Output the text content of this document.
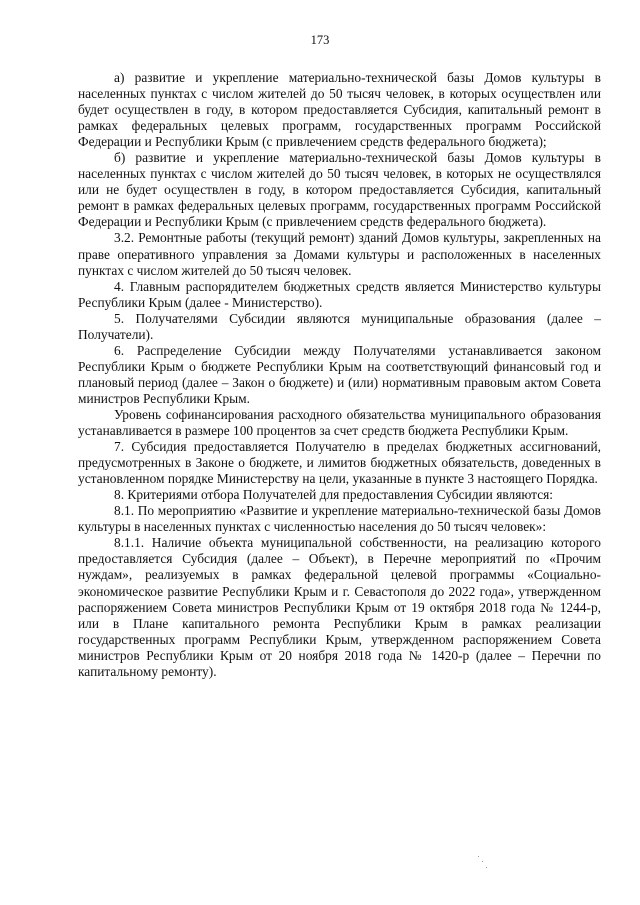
173

а) развитие и укрепление материально-технической базы Домов культуры в населенных пунктах с числом жителей до 50 тысяч человек, в которых осуществлен или будет осуществлен в году, в котором предоставляется Субсидия, капитальный ремонт в рамках федеральных целевых программ, государственных программ Российской Федерации и Республики Крым (с привлечением средств федерального бюджета);

б) развитие и укрепление материально-технической базы Домов культуры в населенных пунктах с числом жителей до 50 тысяч человек, в которых не осуществлялся или не будет осуществлен в году, в котором предоставляется Субсидия, капитальный ремонт в рамках федеральных целевых программ, государственных программ Российской Федерации и Республики Крым (с привлечением средств федерального бюджета).

3.2. Ремонтные работы (текущий ремонт) зданий Домов культуры, закрепленных на праве оперативного управления за Домами культуры и расположенных в населенных пунктах с числом жителей до 50 тысяч человек.

4. Главным распорядителем бюджетных средств является Министерство культуры Республики Крым (далее - Министерство).

5. Получателями Субсидии являются муниципальные образования (далее – Получатели).

6. Распределение Субсидии между Получателями устанавливается законом Республики Крым о бюджете Республики Крым на соответствующий финансовый год и плановый период (далее – Закон о бюджете) и (или) нормативным правовым актом Совета министров Республики Крым.

Уровень софинансирования расходного обязательства муниципального образования устанавливается в размере 100 процентов за счет средств бюджета Республики Крым.

7. Субсидия предоставляется Получателю в пределах бюджетных ассигнований, предусмотренных в Законе о бюджете, и лимитов бюджетных обязательств, доведенных в установленном порядке Министерству на цели, указанные в пункте 3 настоящего Порядка.

8. Критериями отбора Получателей для предоставления Субсидии являются:

8.1. По мероприятию «Развитие и укрепление материально-технической базы Домов культуры в населенных пунктах с численностью населения до 50 тысяч человек»:

8.1.1. Наличие объекта муниципальной собственности, на реализацию которого предоставляется Субсидия (далее – Объект), в Перечне мероприятий по «Прочим нуждам», реализуемых в рамках федеральной целевой программы «Социально-экономическое развитие Республики Крым и г. Севастополя до 2022 года», утвержденном распоряжением Совета министров Республики Крым от 19 октября 2018 года № 1244-р, или в Плане капитального ремонта Республики Крым в рамках реализации государственных программ Республики Крым, утвержденном распоряжением Совета министров Республики Крым от 20 ноября 2018 года № 1420-р (далее – Перечни по капитальному ремонту).
